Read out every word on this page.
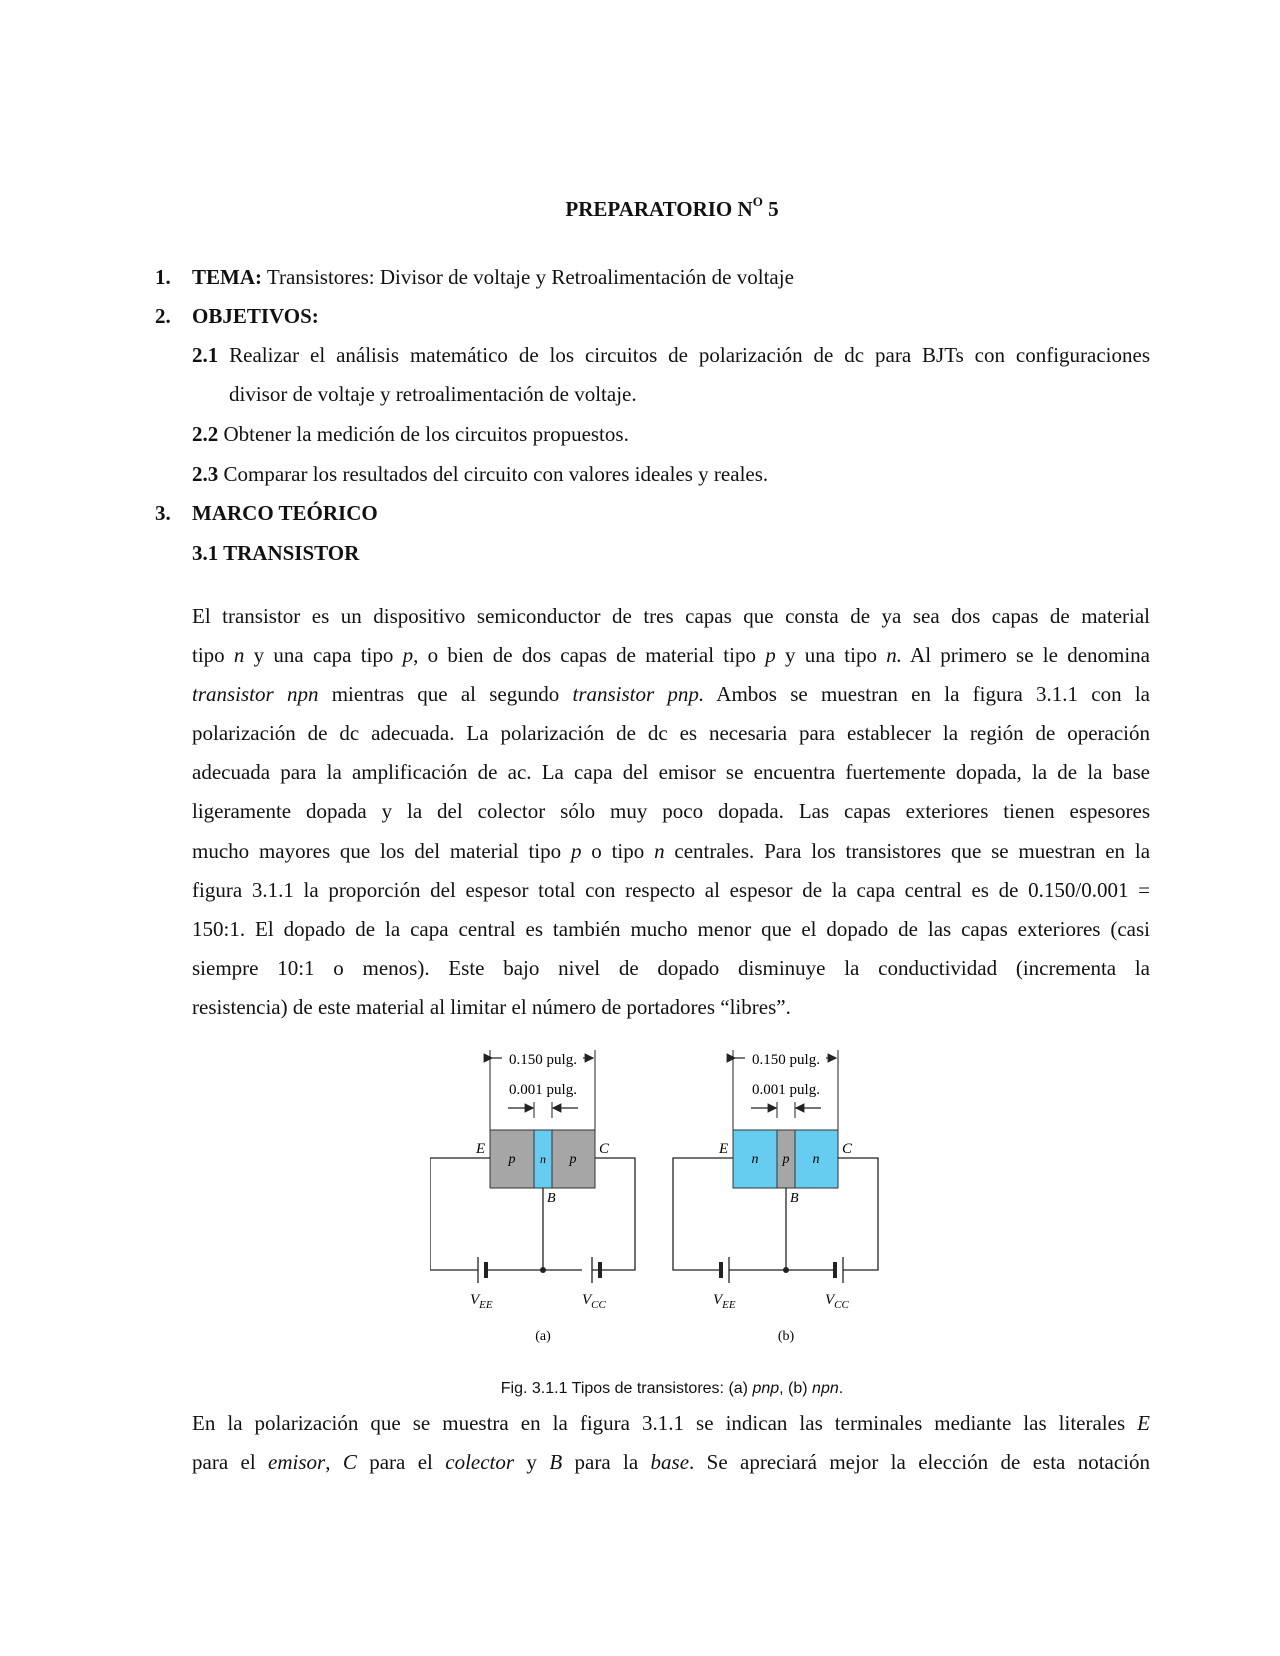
PREPARATORIO $N^O$ 5
1. TEMA: Transistores: Divisor de voltaje y Retroalimentación de voltaje
2. OBJETIVOS:
2.1 Realizar el análisis matemático de los circuitos de polarización de dc para BJTs con configuraciones
divisor de voltaje y retroalimentación de voltaje.
2.2 Obtener la medición de los circuitos propuestos.
2.3 Comparar los resultados del circuito con valores ideales y reales.
3. MARCO TEÓRICO
3.1 TRANSISTOR
El transistor es un dispositivo semiconductor de tres capas que consta de ya sea dos capas de material
tipo n y una capa tipo p, o bien de dos capas de material tipo p y una tipo n. Al primero se le denomina
transistor npn mientras que al segundo transistor pnp. Ambos se muestran en la figura 3.1.1 con la
polarización de dc adecuada. La polarización de dc es necesaria para establecer la región de operación
adecuada para la amplificación de ac. La capa del emisor se encuentra fuertemente dopada, la de la base
ligeramente dopada y la del colector sólo muy poco dopada. Las capas exteriores tienen espesores
mucho mayores que los del material tipo p o tipo n centrales. Para los transistores que se muestran en la
figura 3.1.1 la proporción del espesor total con respecto al espesor de la capa central es de 0.150/0.001 =
150:1. El dopado de la capa central es también mucho menor que el dopado de las capas exteriores (casi
siempre 10:1 o menos). Este bajo nivel de dopado disminuye la conductividad (incrementa la
resistencia) de este material al limitar el número de portadores “libres”.
0.150 pulg.
0.001 pulg.
p n p
E	C
B
$V_{EE}$	$V_{CC}$
(a)
0.150 pulg.
0.001 pulg.
n p n
E	C
B
$V_{EE}$	$V_{CC}$
(b)
Fig. 3.1.1 Tipos de transistores: (a) pnp, (b) npn.
En la polarización que se muestra en la figura 3.1.1 se indican las terminales mediante las literales E
para el emisor, C para el colector y B para la base. Se apreciará mejor la elección de esta notación
